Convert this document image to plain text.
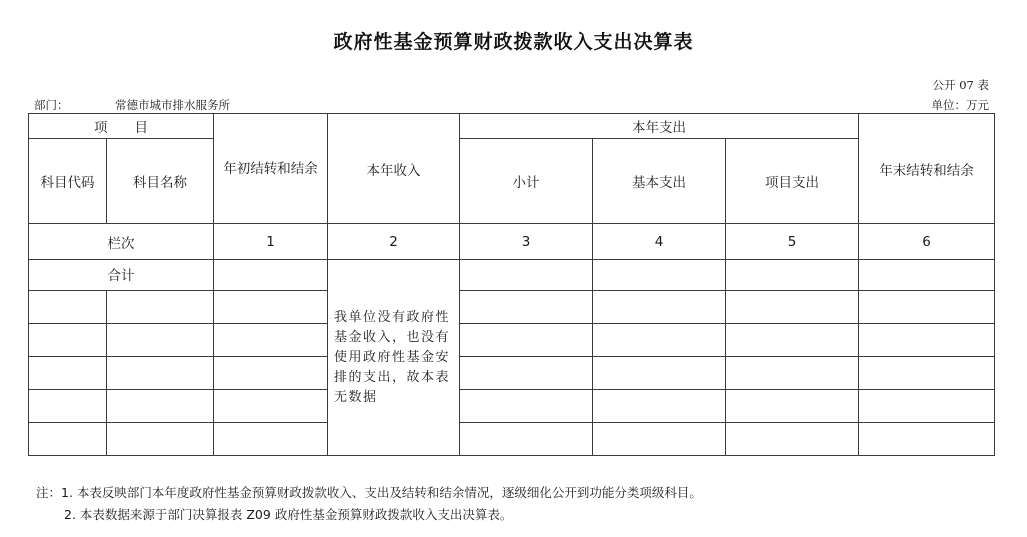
政府性基金预算财政拨款收入支出决算表
公开 07 表
部门：	常德市城市排水服务所	单位：万元
项　　目		年初结转和结余	本年收入	本年支出			年末结转和结余
科目代码	科目名称			小计	基本支出	项目支出	
栏次		1	2	3	4	5	6
合计			我单位没有政府性基金收入，也没有使用政府性基金安排的支出，故本表无数据				

注：1. 本表反映部门本年度政府性基金预算财政拨款收入、支出及结转和结余情况，逐级细化公开到功能分类项级科目。
2. 本表数据来源于部门决算报表 Z09 政府性基金预算财政拨款收入支出决算表。
